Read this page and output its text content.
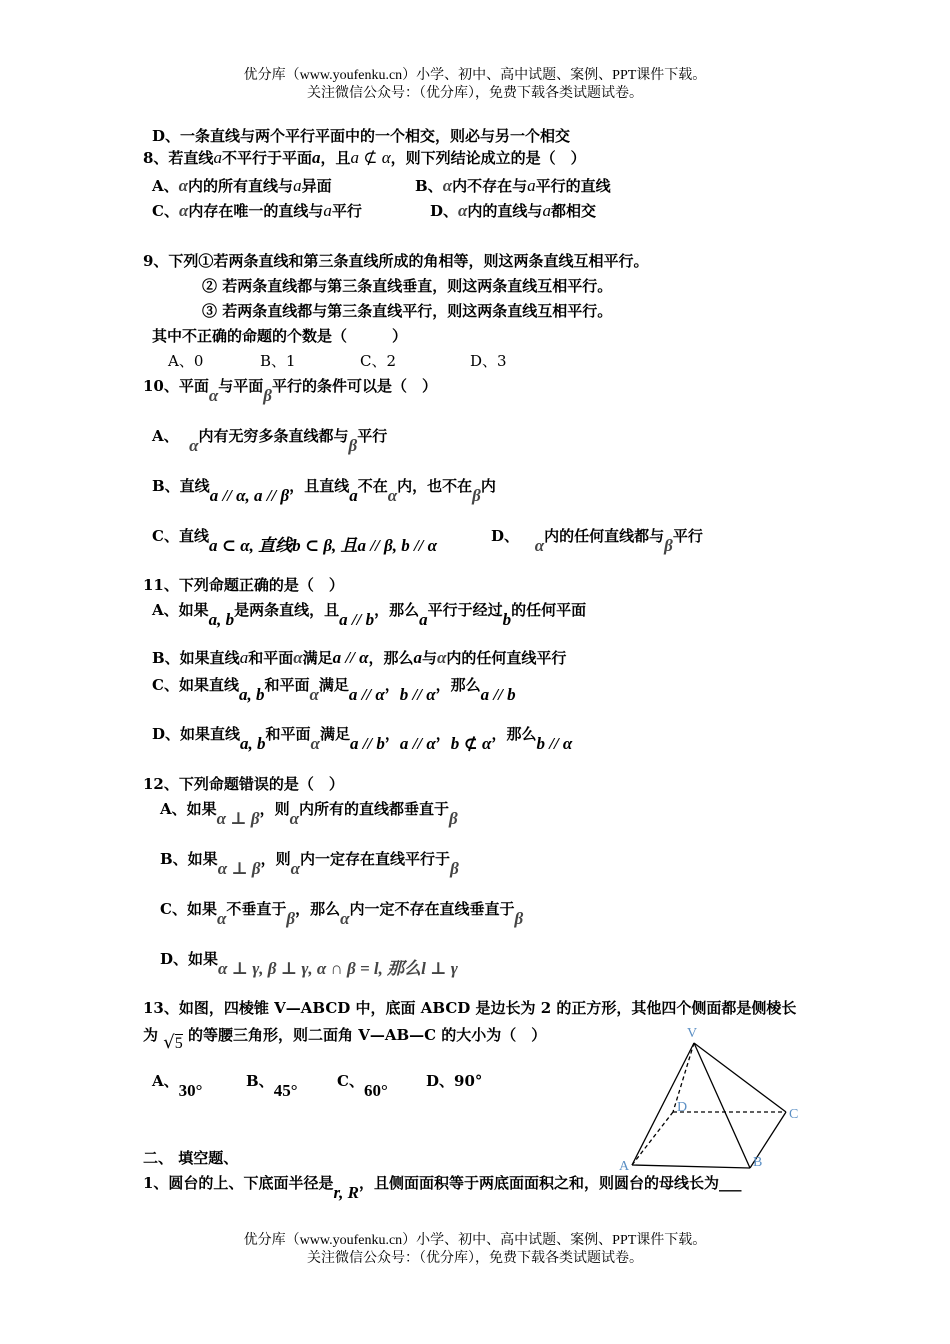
优分库（www.youfenku.cn）小学、初中、高中试题、案例、PPT课件下载。
关注微信公众号：（优分库），免费下载各类试题试卷。
D、一条直线与两个平行平面中的一个相交，则必与另一个相交
8、若直线a不平行于平面a，且a ⊄ α，则下列结论成立的是（　）
A、α内的所有直线与a异面	B、α内不存在与a平行的直线
C、α内存在唯一的直线与a平行	D、α内的直线与a都相交
9、下列①若两条直线和第三条直线所成的角相等，则这两条直线互相平行。
② 若两条直线都与第三条直线垂直，则这两条直线互相平行。
③ 若两条直线都与第三条直线平行，则这两条直线互相平行。
其中不正确的命题的个数是（　　　）
A、0	B、1	C、2	D、3
10、平面α与平面β平行的条件可以是（　）
A、 α内有无穷多条直线都与β平行
B、直线a // α, a // β，且直线a不在α内，也不在β内
C、直线a ⊂ α, 直线b ⊂ β, 且a // β, b // α	D、 α内的任何直线都与β平行
11、下列命题正确的是（　）
A、如果a, b是两条直线，且a // b，那么a平行于经过b的任何平面
B、如果直线a和平面α满足a // α，那么a与α内的任何直线平行
C、如果直线a, b和平面α满足a // α，b // α，那么a // b
D、如果直线a, b和平面α满足a // b，a // α，b ⊄ α，那么b // α
12、下列命题错误的是（　）
A、如果α ⊥ β，则α内所有的直线都垂直于β
B、如果α ⊥ β，则α内一定存在直线平行于β
C、如果α不垂直于β，那么α内一定不存在直线垂直于β
D、如果α ⊥ γ, β ⊥ γ, α ∩ β = l, 那么l ⊥ γ
13、如图，四棱锥 V—ABCD 中，底面 ABCD 是边长为 2 的正方形，其他四个侧面都是侧棱长
为 √5 的等腰三角形，则二面角 V—AB—C 的大小为（　）
A、30°	B、45°	C、60°	D、90°
V
D	C
A	B
二、 填空题、
1、圆台的上、下底面半径是r, R，且侧面面积等于两底面面积之和，则圆台的母线长为___
优分库（www.youfenku.cn）小学、初中、高中试题、案例、PPT课件下载。
关注微信公众号：（优分库），免费下载各类试题试卷。
